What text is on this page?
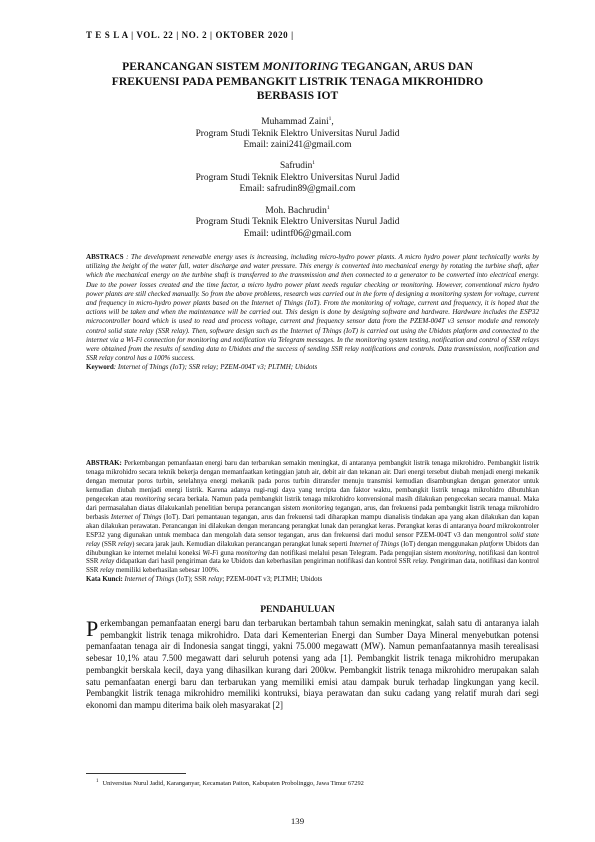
T E S L A | VOL. 22 | NO. 2 | OKTOBER 2020 |
PERANCANGAN SISTEM MONITORING TEGANGAN, ARUS DAN
FREKUENSI PADA PEMBANGKIT LISTRIK TENAGA MIKROHIDRO
BERBASIS IOT
Muhammad Zaini$^1$,
Program Studi Teknik Elektro Universitas Nurul Jadid
Email: zaini241@gmail.com
Safrudin$^1$
Program Studi Teknik Elektro Universitas Nurul Jadid
Email: safrudin89@gmail.com
Moh. Bachrudin$^1$
Program Studi Teknik Elektro Universitas Nurul Jadid
Email: udintf06@gmail.com
ABSTRACS : The development renewable energy uses is increasing, including micro-hydro power plants. A micro hydro power plant technically works by utilizing the height of the water fall, water discharge and water pressure. This energy is converted into mechanical energy by rotating the turbine shaft, after which the mechanical energy on the turbine shaft is transferred to the transmission and then connected to a generator to be converted into electrical energy. Due to the power losses created and the time factor, a micro hydro power plant needs regular checking or monitoring. However, conventional micro hydro power plants are still checked manually. So from the above problems, research was carried out in the form of designing a monitoring system for voltage, current and frequency in micro-hydro power plants based on the Internet of Things (IoT). From the monitoring of voltage, current and frequency, it is hoped that the actions will be taken and when the maintenance will be carried out. This design is done by designing software and hardware. Hardware includes the ESP32 microcontroller board which is used to read and process voltage, current and frequency sensor data from the PZEM-004T v3 sensor module and remotely control solid state relay (SSR relay). Then, software design such as the Internet of Things (IoT) is carried out using the Ubidots platform and connected to the internet via a Wi-Fi connection for monitoring and notification via Telegram messages. In the monitoring system testing, notification and control of SSR relays were obtained from the results of sending data to Ubidots and the success of sending SSR relay notifications and controls. Data transmission, notification and SSR relay control has a 100% success.
Keyword: Internet of Things (IoT); SSR relay; PZEM-004T v3; PLTMH; Ubidots
ABSTRAK: Perkembangan pemanfaatan energi baru dan terbarukan semakin meningkat, di antaranya pembangkit listrik tenaga mikrohidro. Pembangkit listrik tenaga mikrohidro secara teknik bekerja dengan memanfaatkan ketinggian jatuh air, debit air dan tekanan air. Dari energi tersebut diubah menjadi energi mekanik dengan memutar poros turbin, setelahnya energi mekanik pada poros turbin ditransfer menuju transmisi kemudian disambungkan dengan generator untuk kemudian diubah menjadi energi listrik. Karena adanya rugi-rugi daya yang tercipta dan faktor waktu, pembangkit listrik tenaga mikrohidro dibutuhkan pengecekan atau monitoring secara berkala. Namun pada pembangkit listrik tenaga mikrohidro konvensional masih dilakukan pengecekan secara manual. Maka dari permasalahan diatas dilakukanlah penelitian berupa perancangan sistem monitoring tegangan, arus, dan frekuensi pada pembangkit listrik tenaga mikrohidro berbasis Internet of Things (IoT). Dari pemantauan tegangan, arus dan frekuensi tadi diharapkan mampu dianalisis tindakan apa yang akan dilakukan dan kapan akan dilakukan perawatan. Perancangan ini dilakukan dengan merancang perangkat lunak dan perangkat keras. Perangkat keras di antaranya board mikrokontroler ESP32 yang digunakan untuk membaca dan mengolah data sensor tegangan, arus dan frekuensi dari modul sensor PZEM-004T v3 dan mengontrol solid state relay (SSR relay) secara jarak jauh. Kemudian dilakukan perancangan perangkat lunak seperti Internet of Things (IoT) dengan menggunakan platform Ubidots dan dihubungkan ke internet melalui koneksi Wi-Fi guna monitoring dan notifikasi melalui pesan Telegram. Pada pengujian sistem monitoring, notifikasi dan kontrol SSR relay didapatkan dari hasil pengiriman data ke Ubidots dan keberhasilan pengiriman notifikasi dan kontrol SSR relay. Pengiriman data, notifikasi dan kontrol SSR relay memiliki keberhasilan sebesar 100%.
Kata Kunci: Internet of Things (IoT); SSR relay; PZEM-004T v3; PLTMH; Ubidots
PENDAHULUAN
Perkembangan pemanfaatan energi baru dan terbarukan bertambah tahun semakin meningkat, salah satu di antaranya ialah pembangkit listrik tenaga mikrohidro. Data dari Kementerian Energi dan Sumber Daya Mineral menyebutkan potensi pemanfaatan tenaga air di Indonesia sangat tinggi, yakni 75.000 megawatt (MW). Namun pemanfaatannya masih terealisasi sebesar 10,1% atau 7.500 megawatt dari seluruh potensi yang ada [1]. Pembangkit listrik tenaga mikrohidro merupakan pembangkit berskala kecil, daya yang dihasilkan kurang dari 200kw. Pembangkit listrik tenaga mikrohidro merupakan salah satu pemanfaatan energi baru dan terbarukan yang memiliki emisi atau dampak buruk terhadap lingkungan yang kecil. Pembangkit listrik tenaga mikrohidro memiliki kontruksi, biaya perawatan dan suku cadang yang relatif murah dari segi ekonomi dan mampu diterima baik oleh masyarakat [2]
$^1$ Universitas Nurul Jadid, Karanganyar, Kecamatan Paiton, Kabupaten Probolinggo, Jawa Timur 67292
139
